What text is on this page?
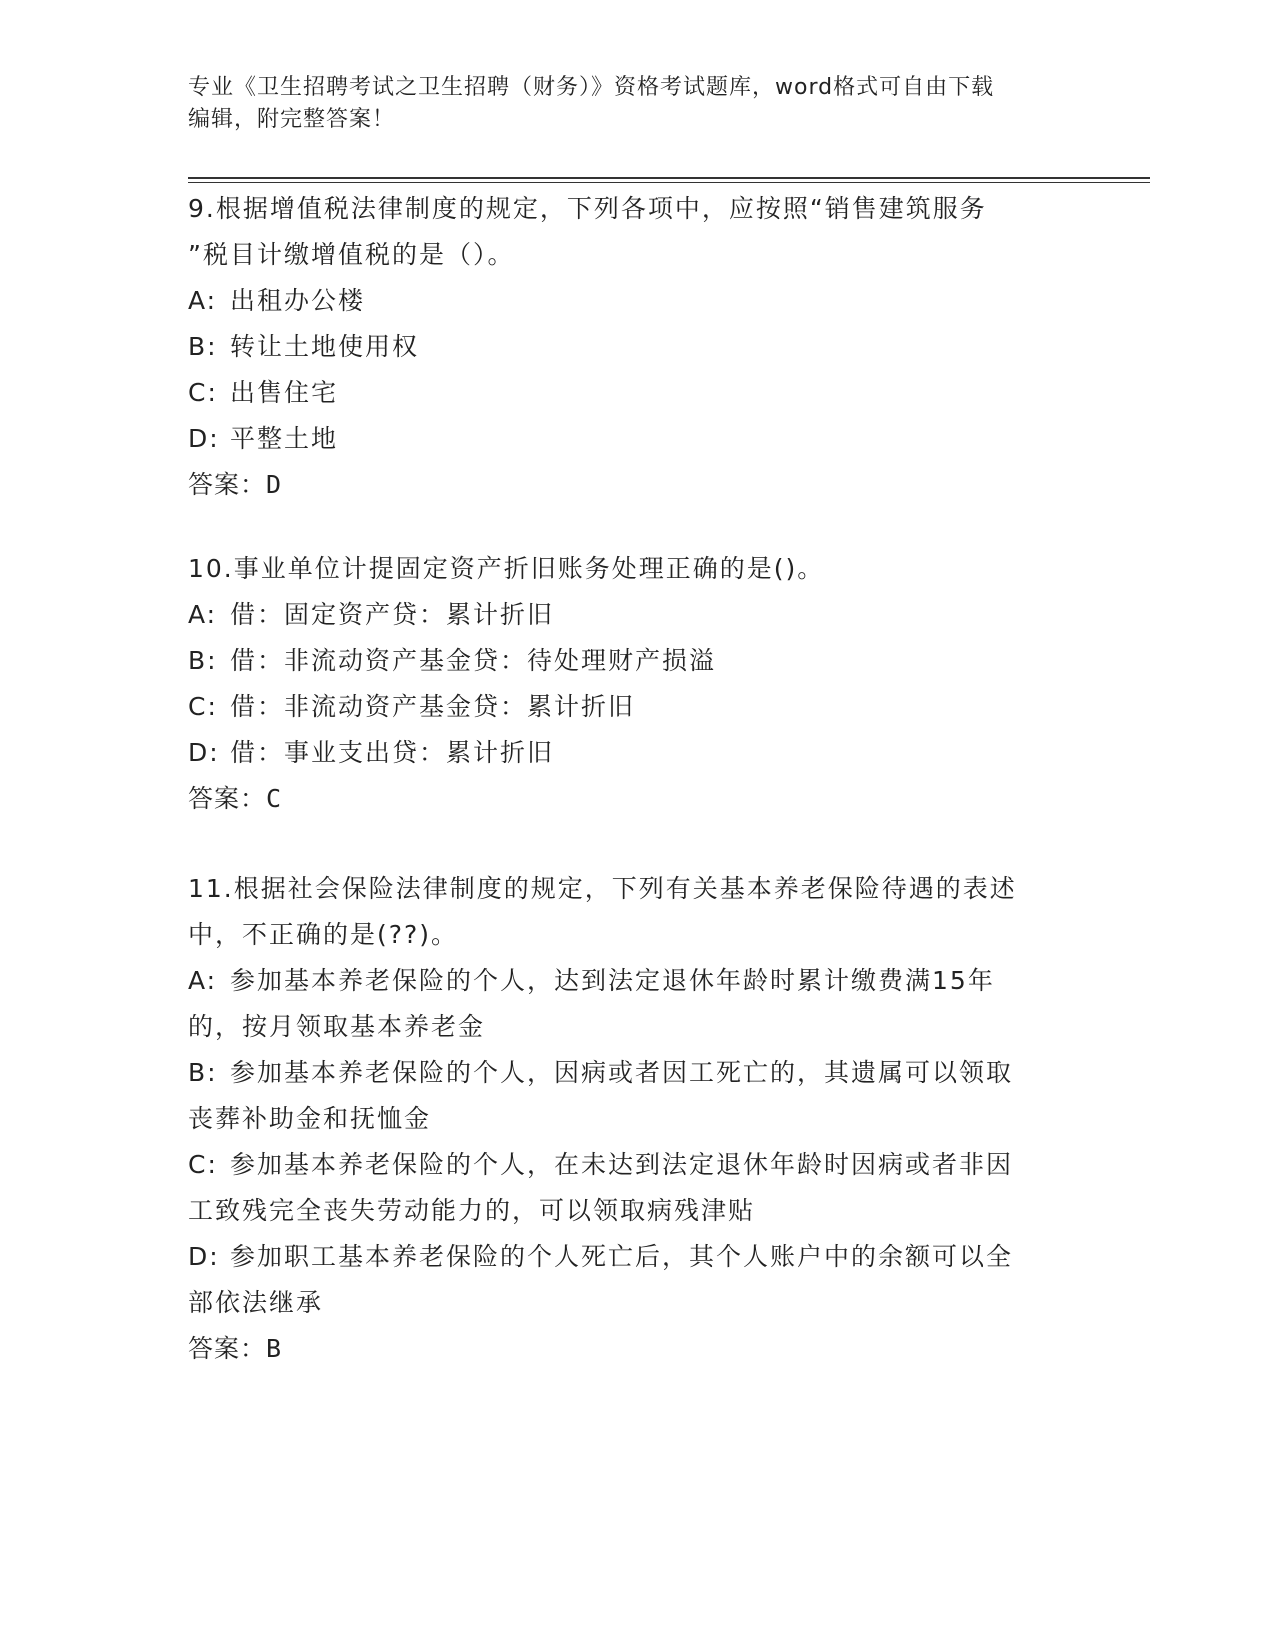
专业《卫生招聘考试之卫生招聘（财务）》资格考试题库，word格式可自由下载
编辑，附完整答案！

9.根据增值税法律制度的规定，下列各项中，应按照“销售建筑服务

”税目计缴增值税的是（）。

A: 出租办公楼

B: 转让土地使用权

C: 出售住宅

D: 平整土地

答案：D

10.事业单位计提固定资产折旧账务处理正确的是()。

A: 借：固定资产贷：累计折旧

B: 借：非流动资产基金贷：待处理财产损溢

C: 借：非流动资产基金贷：累计折旧

D: 借：事业支出贷：累计折旧

答案：C

11.根据社会保险法律制度的规定，下列有关基本养老保险待遇的表述

中，不正确的是(??)。

A: 参加基本养老保险的个人，达到法定退休年龄时累计缴费满15年

的，按月领取基本养老金

B: 参加基本养老保险的个人，因病或者因工死亡的，其遗属可以领取

丧葬补助金和抚恤金

C: 参加基本养老保险的个人，在未达到法定退休年龄时因病或者非因

工致残完全丧失劳动能力的，可以领取病残津贴

D: 参加职工基本养老保险的个人死亡后，其个人账户中的余额可以全

部依法继承

答案：B
